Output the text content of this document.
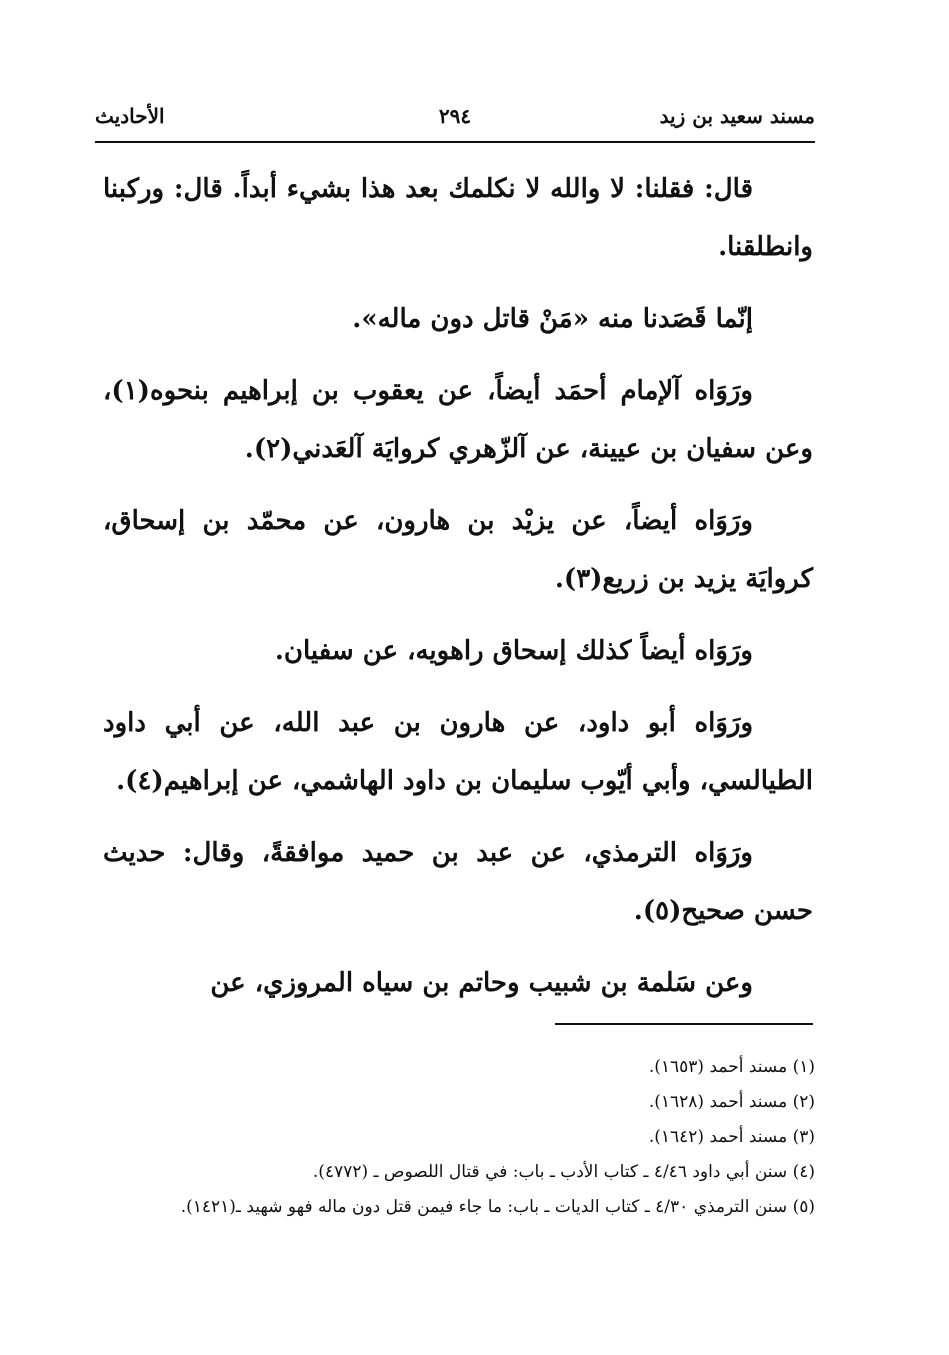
مسند سعيد بن زيد
٢٩٤
الأحاديث

قال: فقلنا: لا والله لا نكلمك بعد هذا بشيء أبداً. قال: وركبنا وانطلقنا.

إنّما قَصَدنا منه «مَنْ قاتل دون ماله».

ورَوَاه آلإمام أحمَد أيضاً، عن يعقوب بن إبراهيم بنحوه(١)، وعن سفيان بن عيينة، عن آلزّهري كروايَة آلعَدني(٢).

ورَوَاه أيضاً، عن يزيْد بن هارون، عن محمّد بن إسحاق، كروايَة يزيد بن زريع(٣).

ورَوَاه أيضاً كذلك إسحاق راهويه، عن سفيان.

ورَوَاه أبو داود، عن هارون بن عبد الله، عن أبي داود الطيالسي، وأبي أيّوب سليمان بن داود الهاشمي، عن إبراهيم(٤).

ورَوَاه الترمذي، عن عبد بن حميد موافقةً، وقال: حديث حسن صحيح(٥).

وعن سَلمة بن شبيب وحاتم بن سياه المروزي، عن

(١) مسند أحمد (١٦٥٣).

(٢) مسند أحمد (١٦٢٨).

(٣) مسند أحمد (١٦٤٢).

(٤) سنن أبي داود ٤/٤٦ ـ كتاب الأدب ـ باب: في قتال اللصوص ـ (٤٧٧٢).

(٥) سنن الترمذي ٤/٣٠ ـ كتاب الديات ـ باب: ما جاء فيمن قتل دون ماله فهو شهيد ـ(١٤٢١).
